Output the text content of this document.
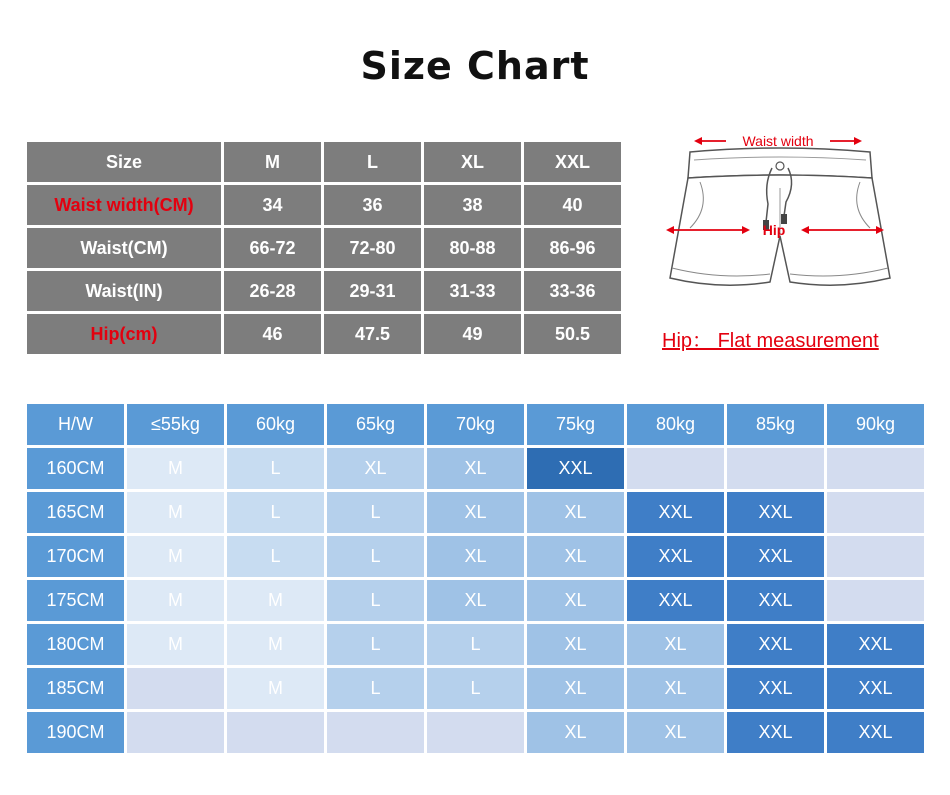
Size Chart
Size	M	L	XL	XXL
Waist width(CM)	34	36	38	40
Waist(CM)	66-72	72-80	80-88	86-96
Waist(IN)	26-28	29-31	31-33	33-36
Hip(cm)	46	47.5	49	50.5
Waist width
Hip
Hip： Flat measurement
H/W	≤55kg	60kg	65kg	70kg	75kg	80kg	85kg	90kg
160CM	M	L	XL	XL	XXL			
165CM	M	L	L	XL	XL	XXL	XXL	
170CM	M	L	L	XL	XL	XXL	XXL	
175CM	M	M	L	XL	XL	XXL	XXL	
180CM	M	M	L	L	XL	XL	XXL	XXL
185CM		M	L	L	XL	XL	XXL	XXL
190CM					XL	XL	XXL	XXL
